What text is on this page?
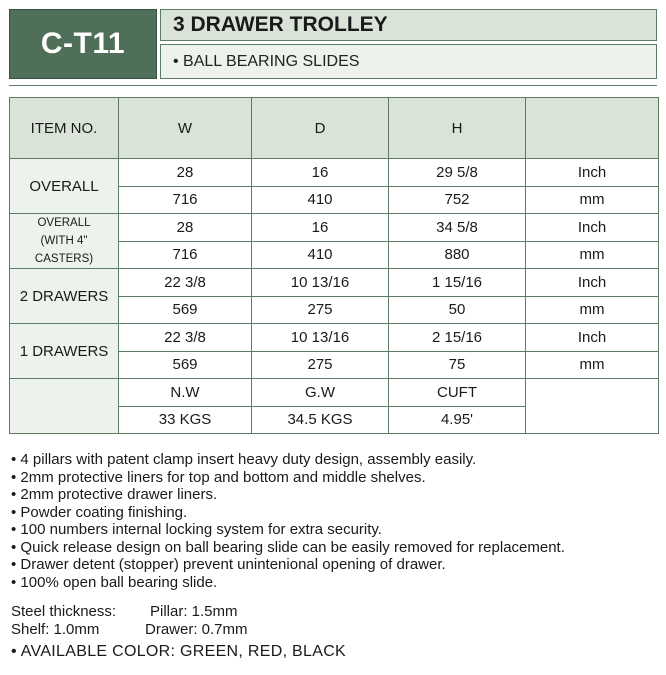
C-T11
3 DRAWER TROLLEY
• BALL BEARING SLIDES
ITEM NO.	W	D	H	
OVERALL	28	16	29 5/8	Inch
	716	410	752	mm

OVERALL
(WITH 4" CASTERS)	28	16	34 5/8	Inch
	716	410	880	mm
2 DRAWERS	22 3/8	10 13/16	1 15/16	Inch
	569	275	50	mm
1 DRAWERS	22 3/8	10 13/16	2 15/16	Inch
	569	275	75	mm
	N.W	G.W	CUFT	
	33 KGS	34.5 KGS	4.95'	
• 4 pillars with patent clamp insert heavy duty design, assembly easily.
• 2mm protective liners for top and bottom and middle shelves.
• 2mm protective drawer liners.
• Powder coating finishing.
• 100 numbers internal locking system for extra security.
• Quick release design on ball bearing slide can be easily removed for replacement.
• Drawer detent (stopper) prevent unintenional opening of drawer.
• 100% open ball bearing slide.
Steel thickness: Pillar: 1.5mm
Shelf: 1.0mm	Drawer: 0.7mm
• AVAILABLE COLOR: GREEN, RED, BLACK
